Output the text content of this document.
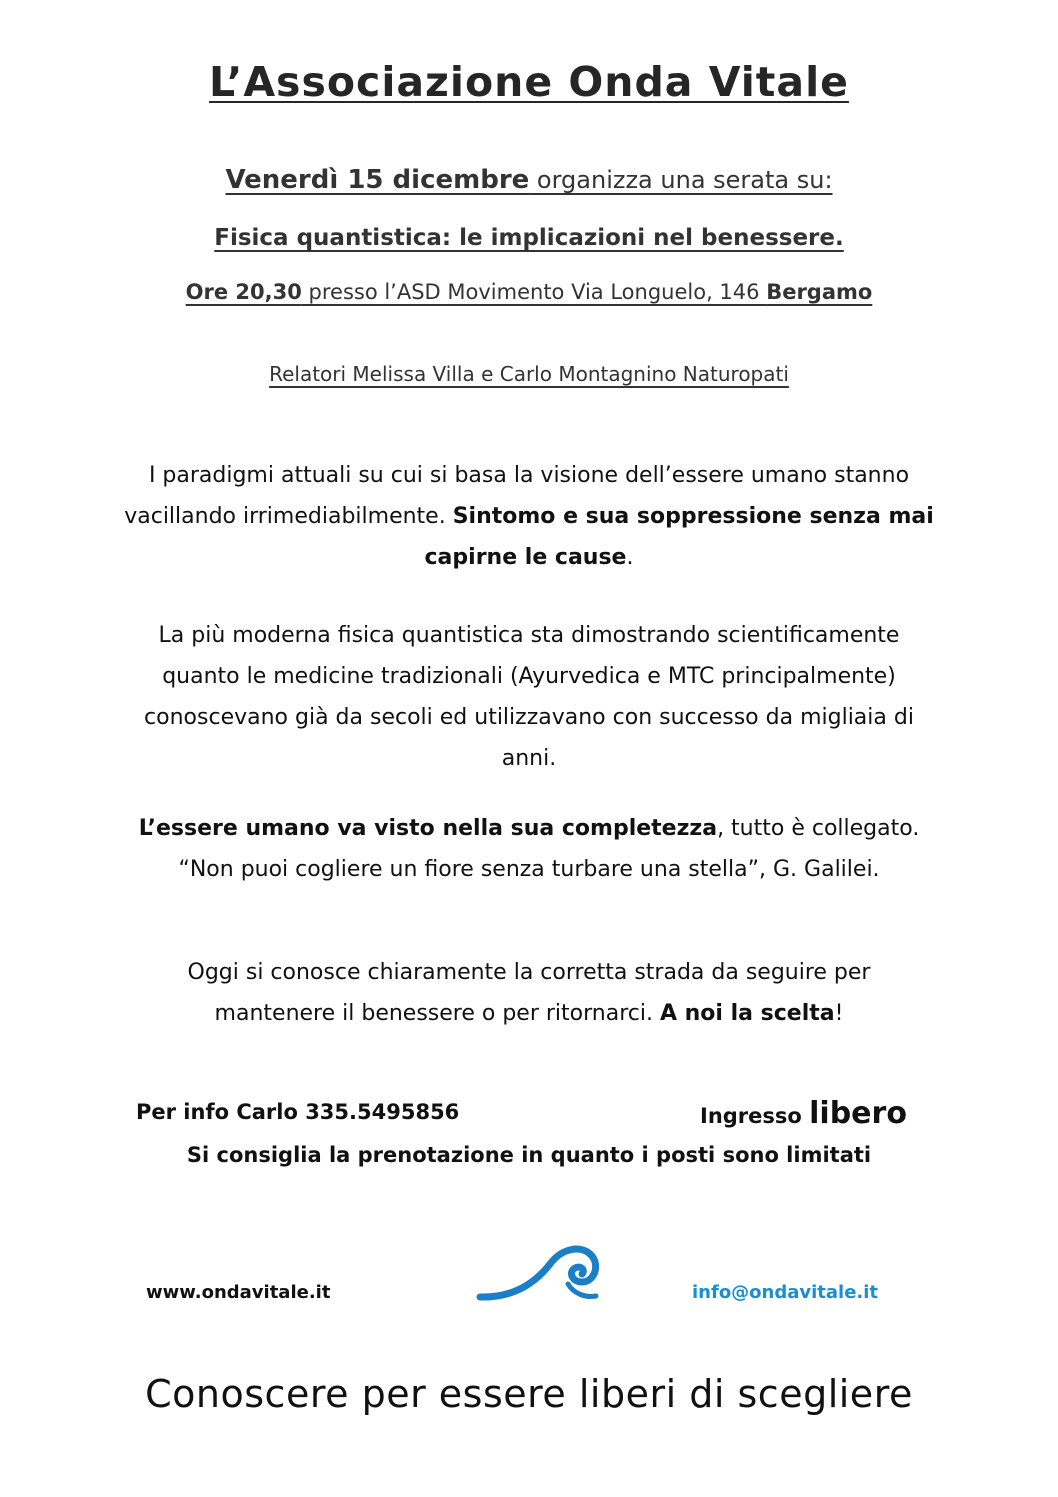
L’Associazione Onda Vitale
Venerdì 15 dicembre organizza una serata su:
Fisica quantistica: le implicazioni nel benessere.
Ore 20,30 presso l’ASD Movimento Via Longuelo, 146 Bergamo
Relatori Melissa Villa e Carlo Montagnino Naturopati
I paradigmi attuali su cui si basa la visione dell’essere umano stanno
vacillando irrimediabilmente. Sintomo e sua soppressione senza mai
capirne le cause.
La più moderna fisica quantistica sta dimostrando scientificamente
quanto le medicine tradizionali (Ayurvedica e MTC principalmente)
conoscevano già da secoli ed utilizzavano con successo da migliaia di
anni.
L’essere umano va visto nella sua completezza, tutto è collegato.
“Non puoi cogliere un fiore senza turbare una stella”, G. Galilei.
Oggi si conosce chiaramente la corretta strada da seguire per
mantenere il benessere o per ritornarci. A noi la scelta!
Per info Carlo 335.5495856	Ingresso libero
Si consiglia la prenotazione in quanto i posti sono limitati
www.ondavitale.it	info@ondavitale.it
Conoscere per essere liberi di scegliere
